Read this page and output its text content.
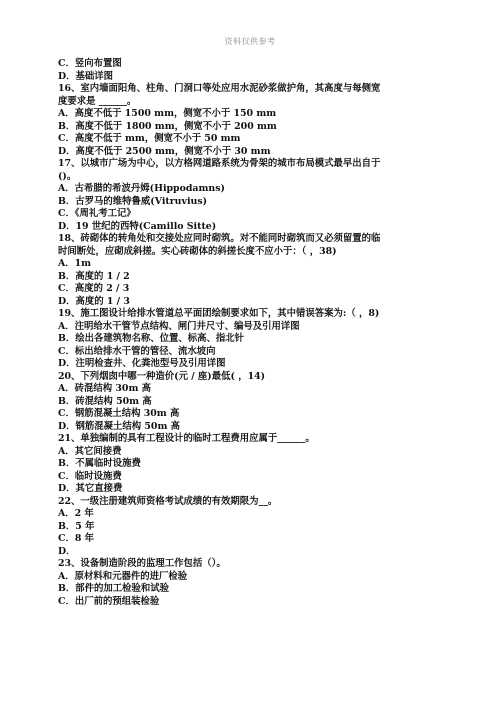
资料仅供参考
C．竖向布置图
D．基础详图
16、室内墙面阳角、柱角、门洞口等处应用水泥砂浆做护角，其高度与每侧宽
度要求是 ______。
A．高度不低于 1500 mm，侧宽不小于 150 mm
B．高度不低于 1800 mm，侧宽不小于 200 mm
C．高度不低于 mm，侧宽不小于 50 mm
D．高度不低于 2500 mm，侧宽不小于 30 mm
17、以城市广场为中心，以方格网道路系统为骨架的城市布局模式最早出自于
()。
A．古希腊的希波丹姆(Hippodamns)
B．古罗马的维特鲁威(Vitruvius)
C．《周礼考工记》
D．19 世纪的西特(Camillo Sitte)
18、砖砌体的转角处和交接处应同时砌筑。对不能同时砌筑而又必须留置的临
时间断处，应砌成斜搓。实心砖砌体的斜搓长度不应小于：（ ，38)
A．1m
B．高度的 1 / 2
C．高度的 2 / 3
D．高度的 1 / 3
19、施工图设计给排水管道总平面团绘制要求如下，其中错误答案为:（ ，8)
A．注明给水干管节点结构、闸门井尺寸、编号及引用详图
B．绘出各建筑物名称、位置、标高、指北针
C．标出给排水干管的管径、流水坡向
D．注明检查井、化粪池型号及引用详图
20、下列烟囱中哪一种造价(元 / 座)最低( ，14)
A．砖混结构 30m 高
B．砖混结构 50m 高
C．钢筋混凝土结构 30m 高
D．钢筋混凝土结构 50m 高
21、单独编制的具有工程设计的临时工程费用应属于______。
A．其它间接费
B．不属临时设施费
C．临时设施费
D．其它直接费
22、一级注册建筑师资格考试成绩的有效期限为__。
A．2 年
B．5 年
C．8 年
D．
23、设备制造阶段的监理工作包括（）。
A．原材料和元器件的进厂检验
B．部件的加工检验和试验
C．出厂前的预组装检验
